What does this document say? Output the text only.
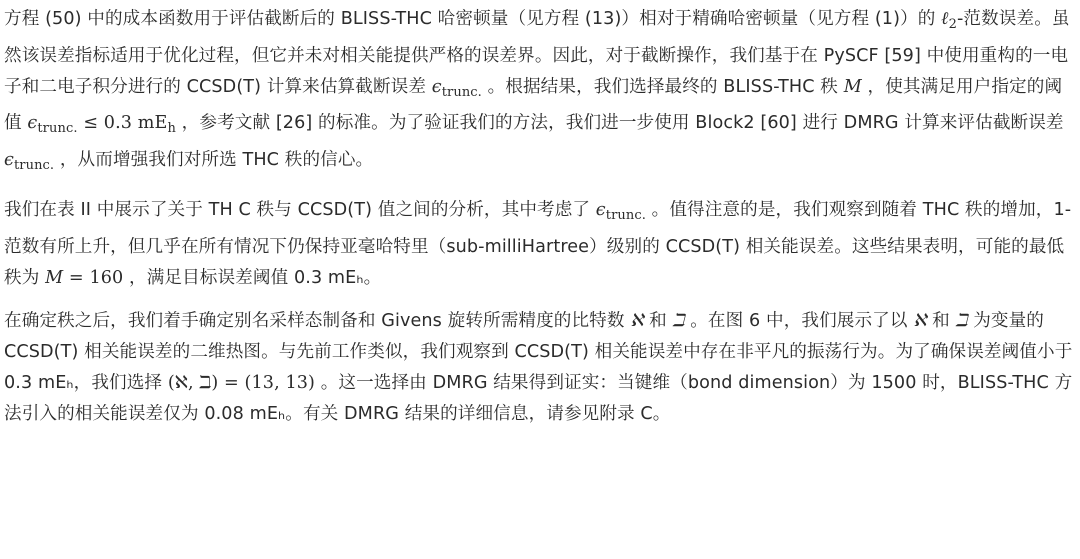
方程 (50) 中的成本函数用于评估截断后的 BLISS-THC 哈密顿量（见方程 (13)）相对于精确哈密顿量（见方程 (1)）的 ℓ$_2$-范数误差。虽然该误差指标适用于优化过程，但它并未对相关能提供严格的误差界。因此，对于截断操作，我们基于在 PySCF [59] 中使用重构的一电子和二电子积分进行的 CCSD(T) 计算来估算截断误差 $\epsilon_{trunc.}$ 。根据结果，我们选择最终的 BLISS-THC 秩 M ，使其满足用户指定的阈值 $\epsilon_{trunc.} \le 0.3$ $mE_h$ ，参考文献 [26] 的标准。为了验证我们的方法，我们进一步使用 Block2 [60] 进行 DMRG 计算来评估截断误差 $\epsilon_{trunc.}$ ，从而增强我们对所选 THC 秩的信心。

我们在表 II 中展示了关于 TH C 秩与 CCSD(T) 值之间的分析，其中考虑了 $\epsilon_{trunc.}$ 。值得注意的是，我们观察到随着 THC 秩的增加，1-范数有所上升，但几乎在所有情况下仍保持亚毫哈特里（sub-milliHartree）级别的 CCSD(T) 相关能误差。这些结果表明，可能的最低秩为 M = 160 ，满足目标误差阈值 0.3 mEₕ。

在确定秩之后，我们着手确定别名采样态制备和 Givens 旋转所需精度的比特数 ℵ 和 ℶ 。在图 6 中，我们展示了以 ℵ 和 ℶ 为变量的 CCSD(T) 相关能误差的二维热图。与先前工作类似，我们观察到 CCSD(T) 相关能误差中存在非平凡的振荡行为。为了确保误差阈值小于 0.3 mEₕ，我们选择 (ℵ, ℶ) = (13, 13) 。这一选择由 DMRG 结果得到证实：当键维（bond dimension）为 1500 时，BLISS-THC 方法引入的相关能误差仅为 0.08 mEₕ。有关 DMRG 结果的详细信息，请参见附录 C。
